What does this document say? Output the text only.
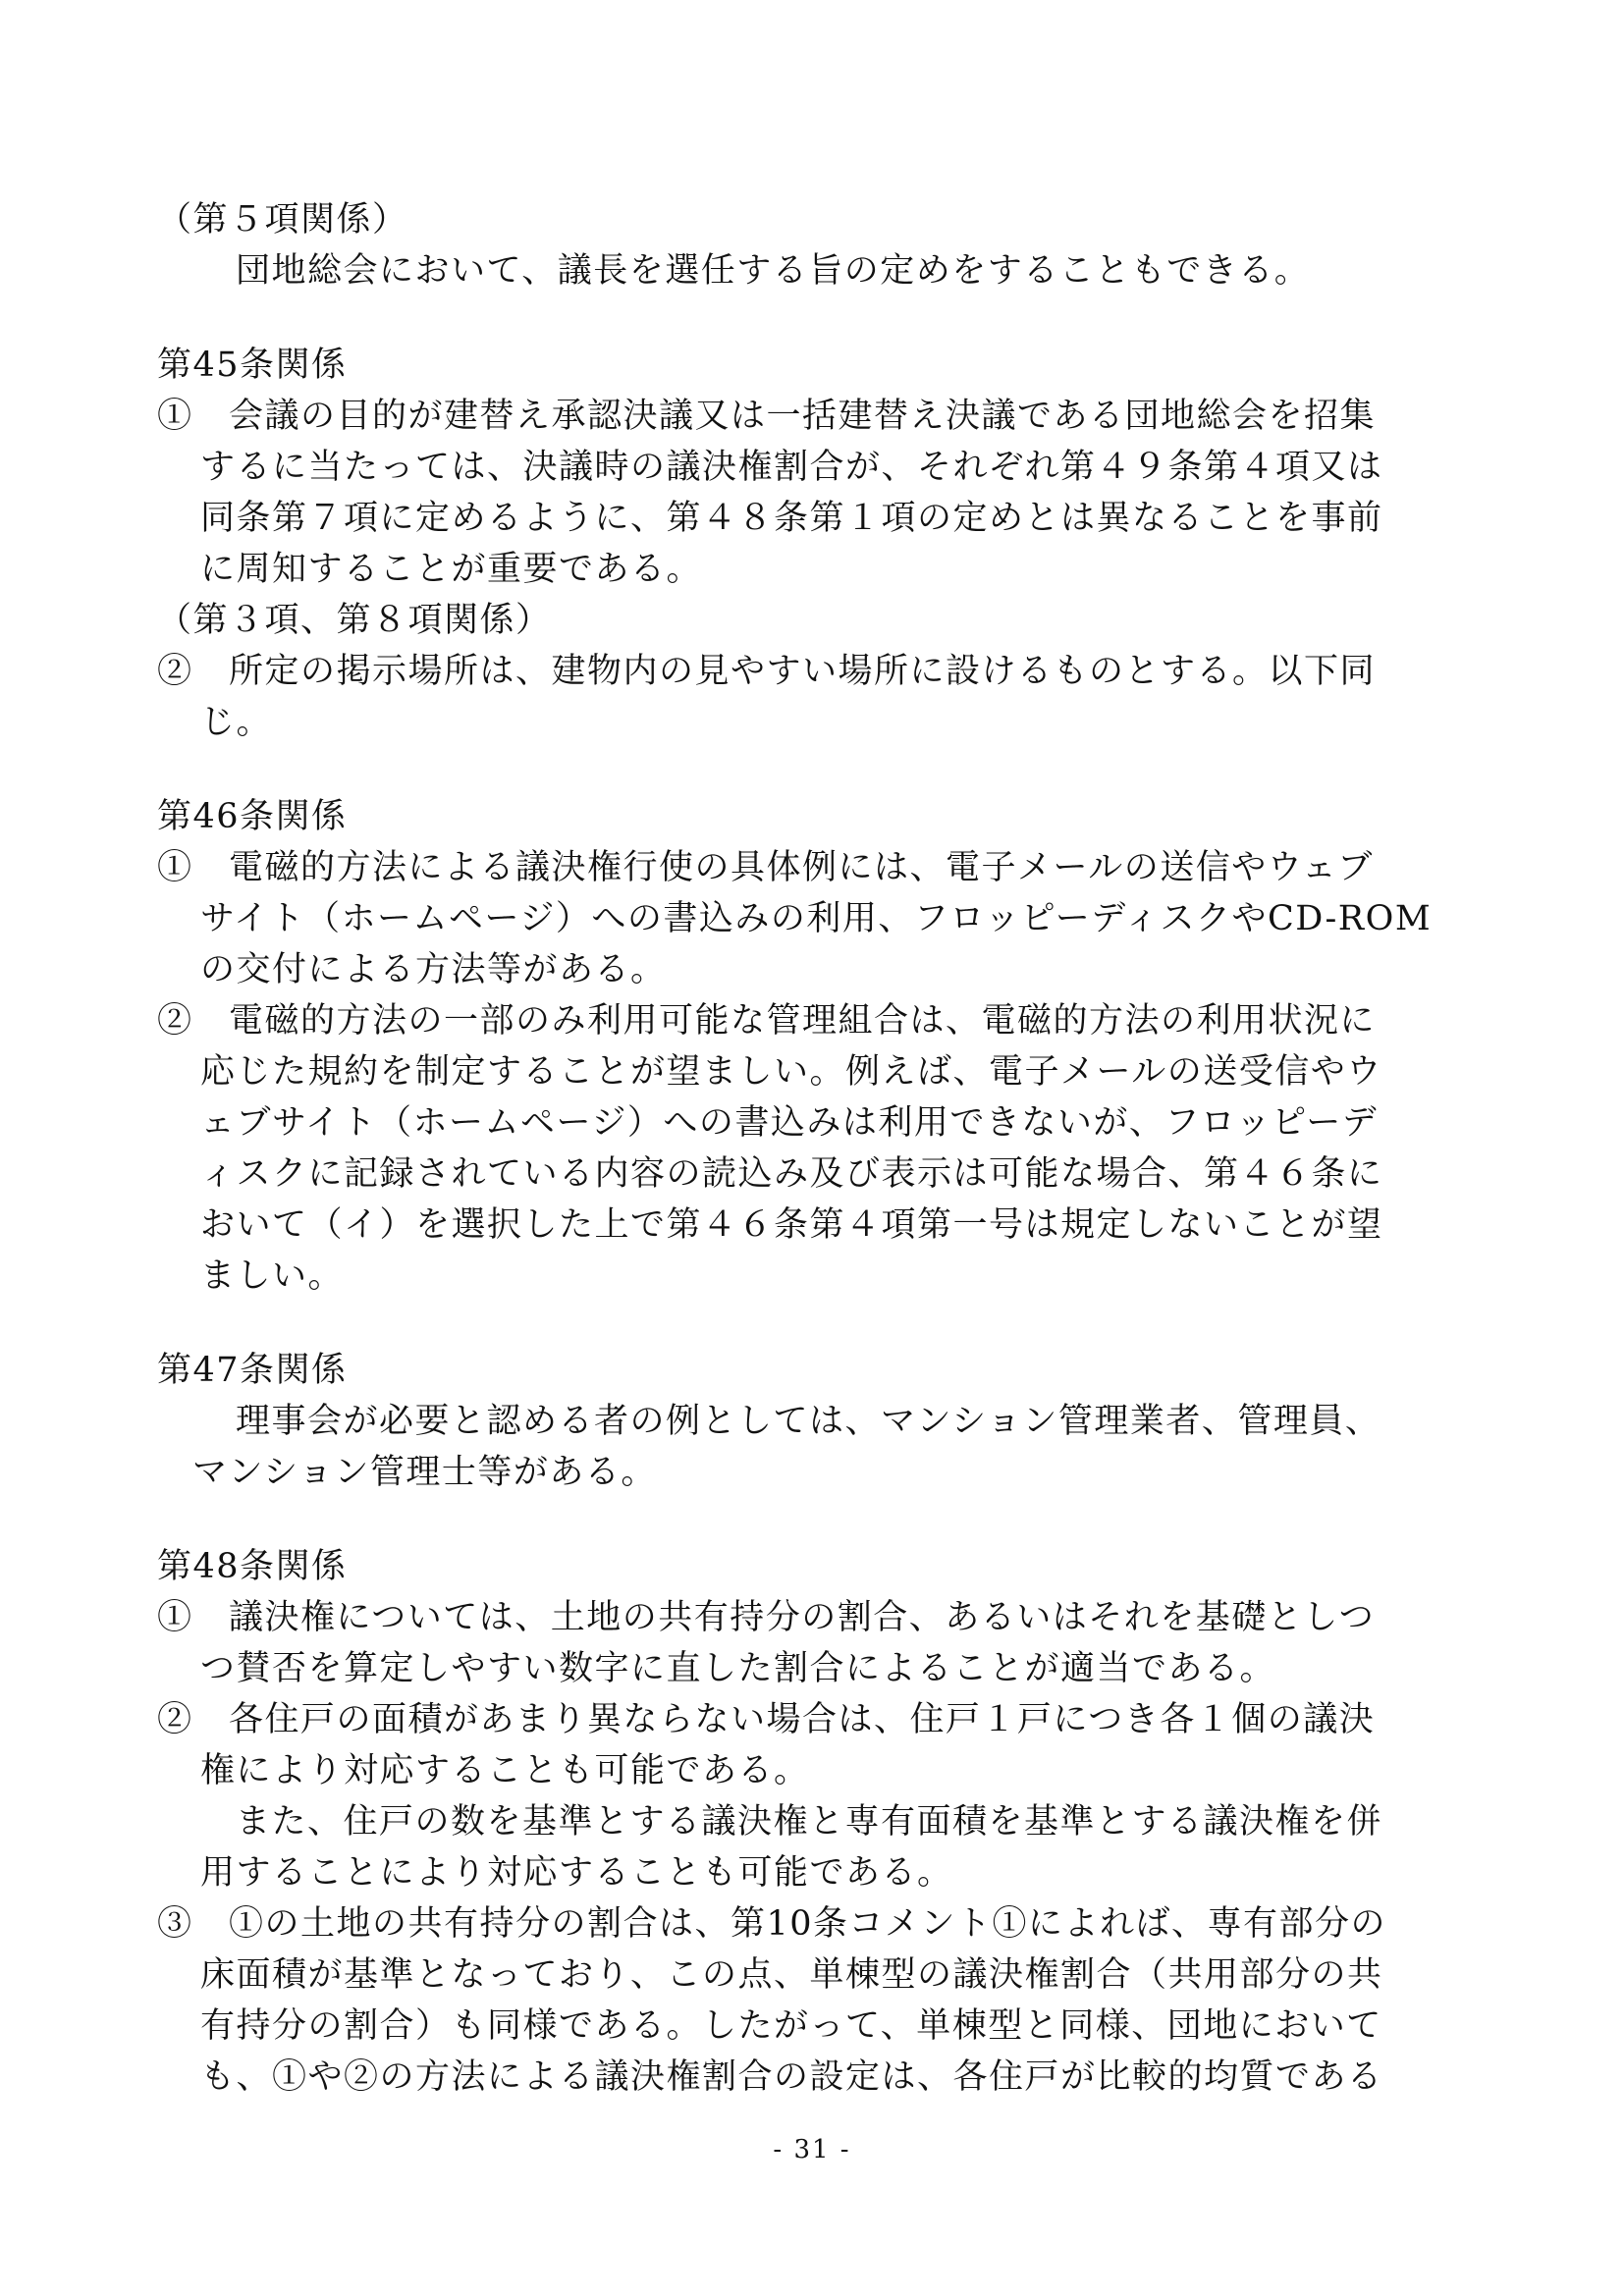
（第５項関係）

団地総会において、議長を選任する旨の定めをすることもできる。

第45条関係

①　会議の目的が建替え承認決議又は一括建替え決議である団地総会を招集

するに当たっては、決議時の議決権割合が、それぞれ第４９条第４項又は

同条第７項に定めるように、第４８条第１項の定めとは異なることを事前

に周知することが重要である。

（第３項、第８項関係）

②　所定の掲示場所は、建物内の見やすい場所に設けるものとする。以下同

じ。

第46条関係

①　電磁的方法による議決権行使の具体例には、電子メールの送信やウェブ

サイト（ホームページ）への書込みの利用、フロッピーディスクやCD-ROM

の交付による方法等がある。

②　電磁的方法の一部のみ利用可能な管理組合は、電磁的方法の利用状況に

応じた規約を制定することが望ましい。例えば、電子メールの送受信やウ

ェブサイト（ホームページ）への書込みは利用できないが、フロッピーデ

ィスクに記録されている内容の読込み及び表示は可能な場合、第４６条に

おいて（イ）を選択した上で第４６条第４項第一号は規定しないことが望

ましい。

第47条関係

理事会が必要と認める者の例としては、マンション管理業者、管理員、

マンション管理士等がある。

第48条関係

①　議決権については、土地の共有持分の割合、あるいはそれを基礎としつ

つ賛否を算定しやすい数字に直した割合によることが適当である。

②　各住戸の面積があまり異ならない場合は、住戸１戸につき各１個の議決

権により対応することも可能である。

また、住戸の数を基準とする議決権と専有面積を基準とする議決権を併

用することにより対応することも可能である。

③　①の土地の共有持分の割合は、第10条コメント①によれば、専有部分の

床面積が基準となっており、この点、単棟型の議決権割合（共用部分の共

有持分の割合）も同様である。したがって、単棟型と同様、団地において

も、①や②の方法による議決権割合の設定は、各住戸が比較的均質である

- 31 -
